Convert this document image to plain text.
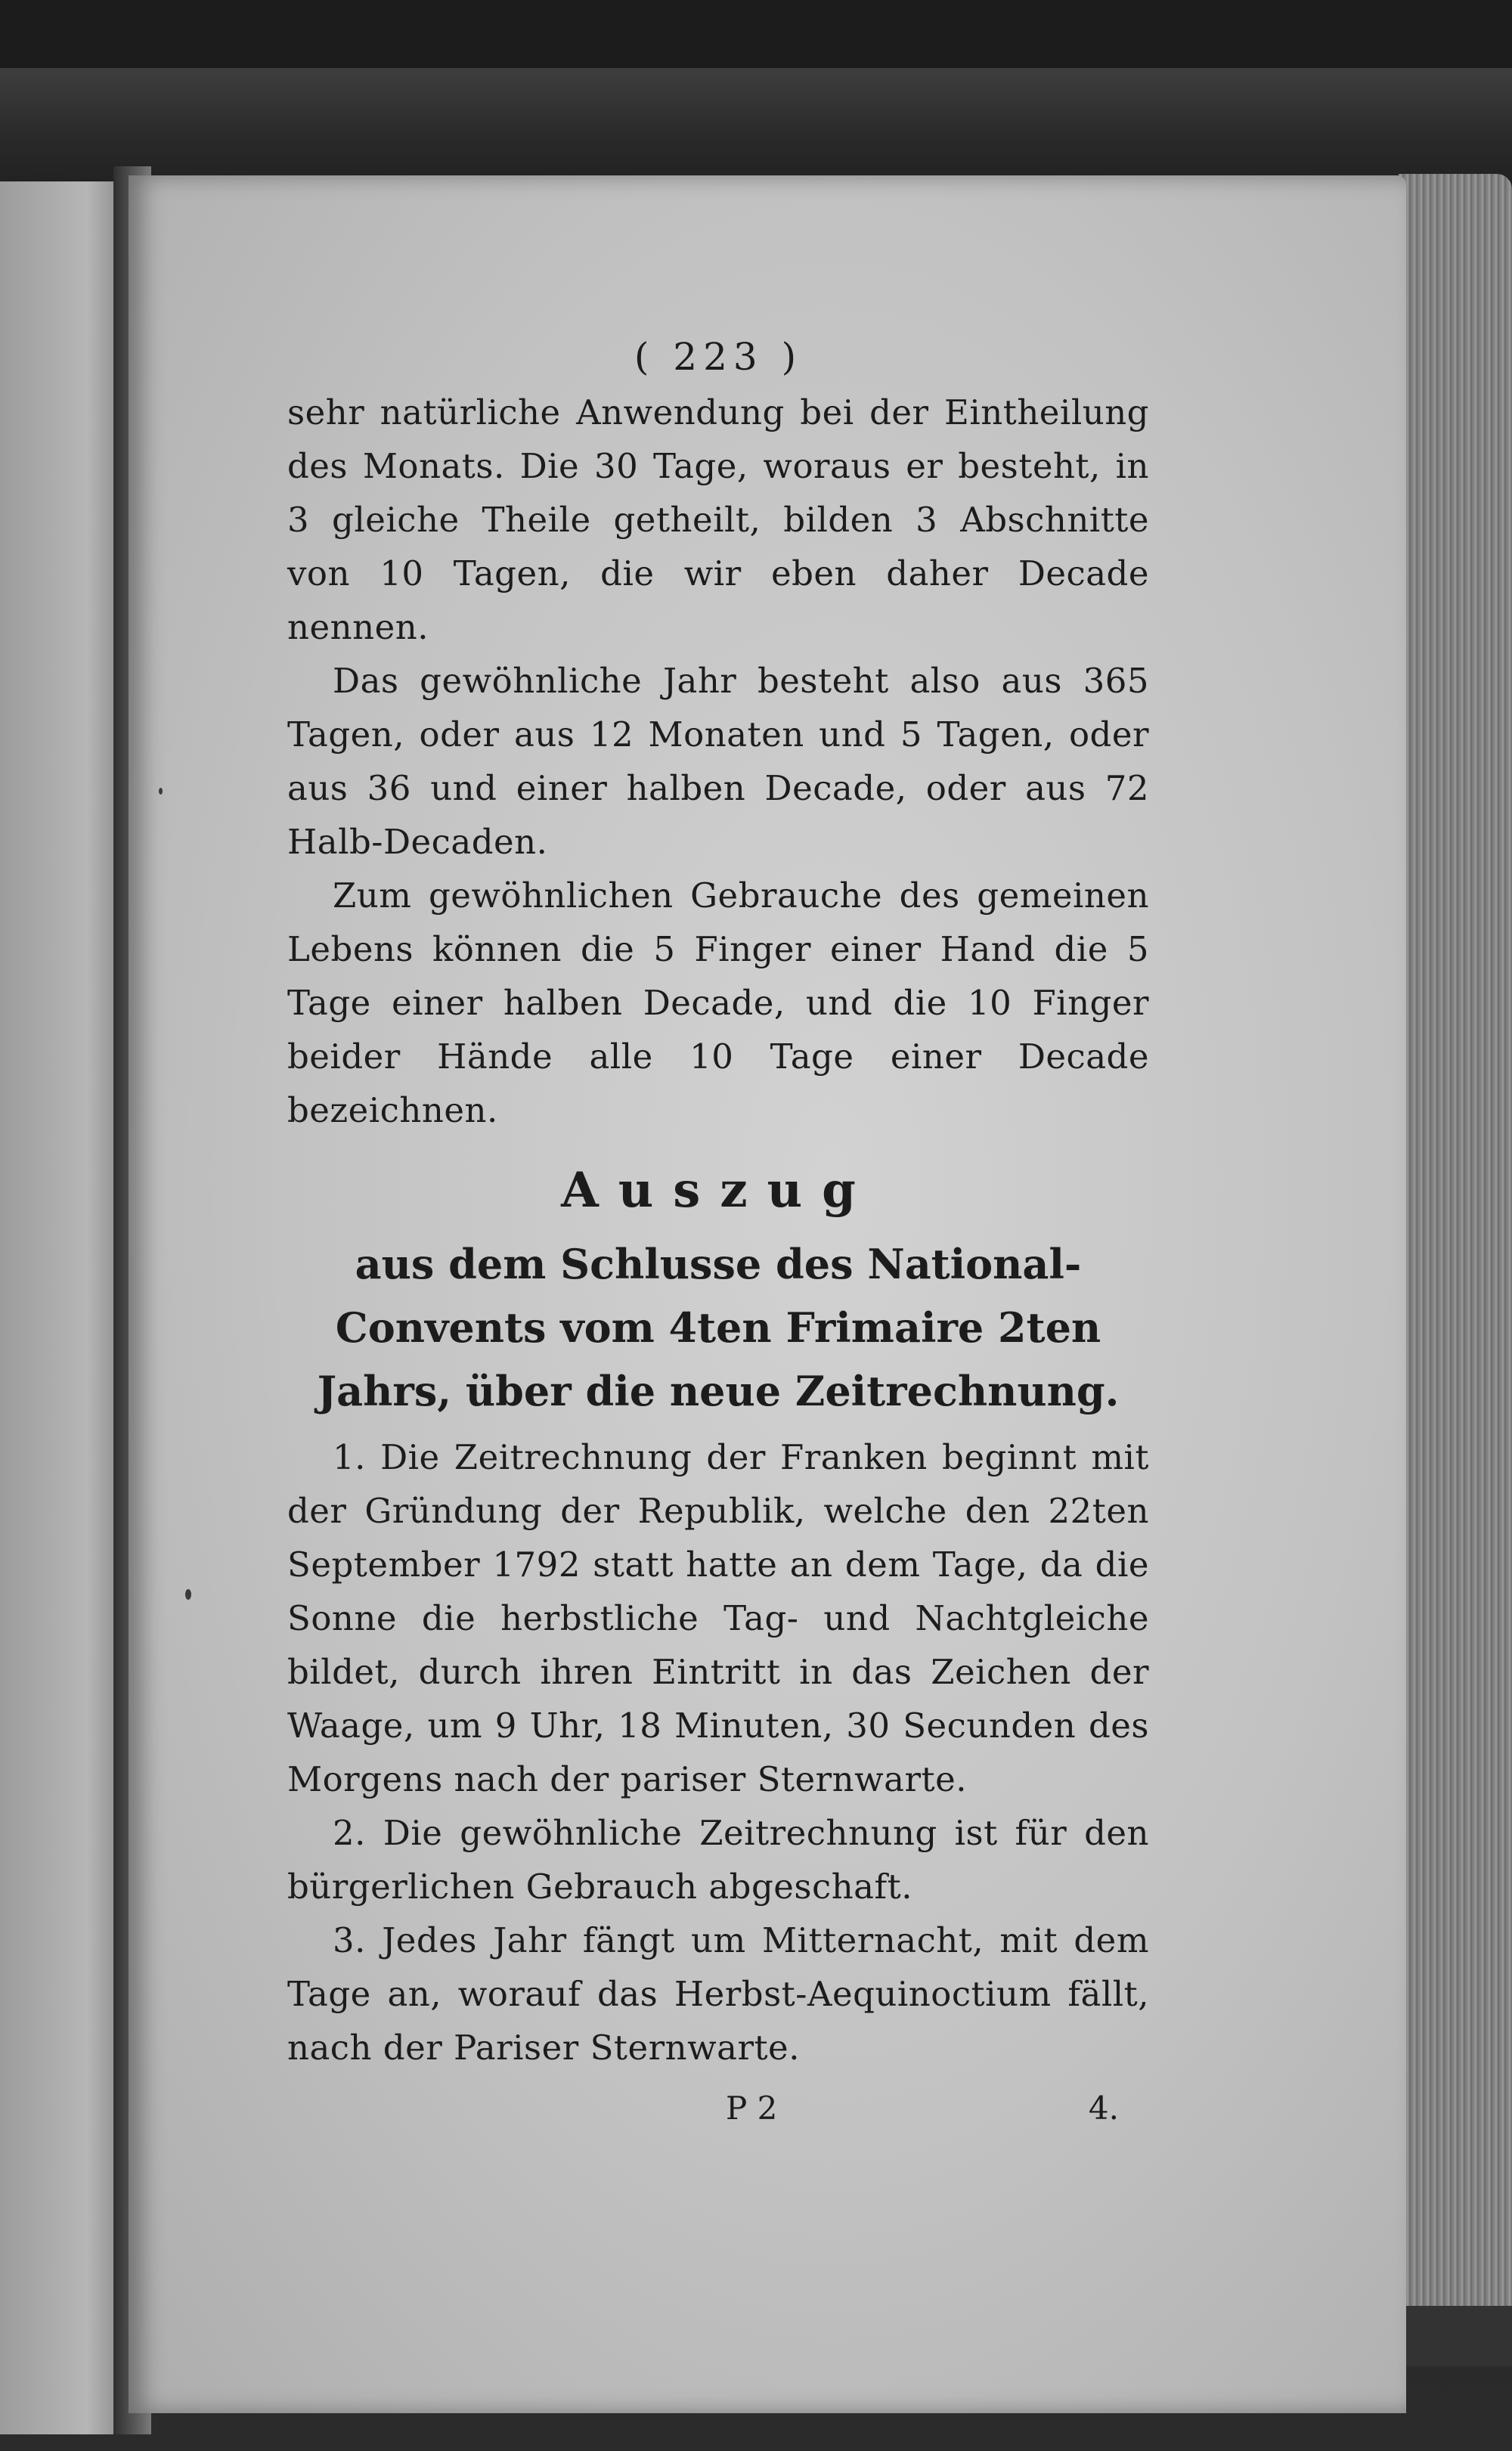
( 223 )

sehr natürliche Anwendung bei der Eintheilung des Monats. Die 30 Tage, woraus er besteht, in 3 gleiche Theile getheilt, bilden 3 Abschnitte von 10 Tagen, die wir eben daher Decade nennen.

Das gewöhnliche Jahr besteht also aus 365 Tagen, oder aus 12 Monaten und 5 Tagen, oder aus 36 und einer halben Decade, oder aus 72 Halb-Decaden.

Zum gewöhnlichen Gebrauche des gemeinen Lebens können die 5 Finger einer Hand die 5 Tage einer halben Decade, und die 10 Finger beider Hände alle 10 Tage einer Decade bezeichnen.

Auszug
aus dem Schlusse des National-Convents vom 4ten Frimaire 2ten Jahrs, über die neue Zeitrechnung.

1. Die Zeitrechnung der Franken beginnt mit der Gründung der Republik, welche den 22ten September 1792 statt hatte an dem Tage, da die Sonne die herbstliche Tag- und Nachtgleiche bildet, durch ihren Eintritt in das Zeichen der Waage, um 9 Uhr, 18 Minuten, 30 Secunden des Morgens nach der pariser Sternwarte.

2. Die gewöhnliche Zeitrechnung ist für den bürgerlichen Gebrauch abgeschaft.

3. Jedes Jahr fängt um Mitternacht, mit dem Tage an, worauf das Herbst-Aequinoctium fällt, nach der Pariser Sternwarte.

P 2	4.
